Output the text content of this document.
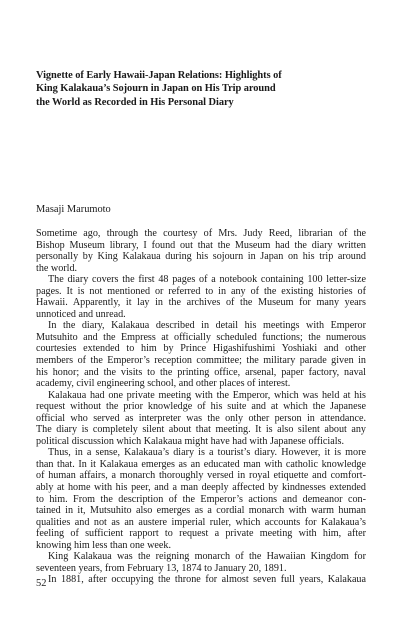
Vignette of Early Hawaii-Japan Relations: Highlights of
King Kalakaua’s Sojourn in Japan on His Trip around
the World as Recorded in His Personal Diary

Masaji Marumoto

Sometime ago, through the courtesy of Mrs. Judy Reed, librarian of the
Bishop Museum library, I found out that the Museum had the diary written
personally by King Kalakaua during his sojourn in Japan on his trip around
the world.

The diary covers the first 48 pages of a notebook containing 100 letter-size
pages. It is not mentioned or referred to in any of the existing histories of
Hawaii. Apparently, it lay in the archives of the Museum for many years
unnoticed and unread.

In the diary, Kalakaua described in detail his meetings with Emperor
Mutsuhito and the Empress at officially scheduled functions; the numerous
courtesies extended to him by Prince Higashifushimi Yoshiaki and other
members of the Emperor’s reception committee; the military parade given in
his honor; and the visits to the printing office, arsenal, paper factory, naval
academy, civil engineering school, and other places of interest.

Kalakaua had one private meeting with the Emperor, which was held at his
request without the prior knowledge of his suite and at which the Japanese
official who served as interpreter was the only other person in attendance.
The diary is completely silent about that meeting. It is also silent about any
political discussion which Kalakaua might have had with Japanese officials.

Thus, in a sense, Kalakaua’s diary is a tourist’s diary. However, it is more
than that. In it Kalakaua emerges as an educated man with catholic knowledge
of human affairs, a monarch thoroughly versed in royal etiquette and comfort-
ably at home with his peer, and a man deeply affected by kindnesses extended
to him. From the description of the Emperor’s actions and demeanor con-
tained in it, Mutsuhito also emerges as a cordial monarch with warm human
qualities and not as an austere imperial ruler, which accounts for Kalakaua’s
feeling of sufficient rapport to request a private meeting with him, after
knowing him less than one week.

King Kalakaua was the reigning monarch of the Hawaiian Kingdom for
seventeen years, from February 13, 1874 to January 20, 1891.

In 1881, after occupying the throne for almost seven full years, Kalakaua

52
